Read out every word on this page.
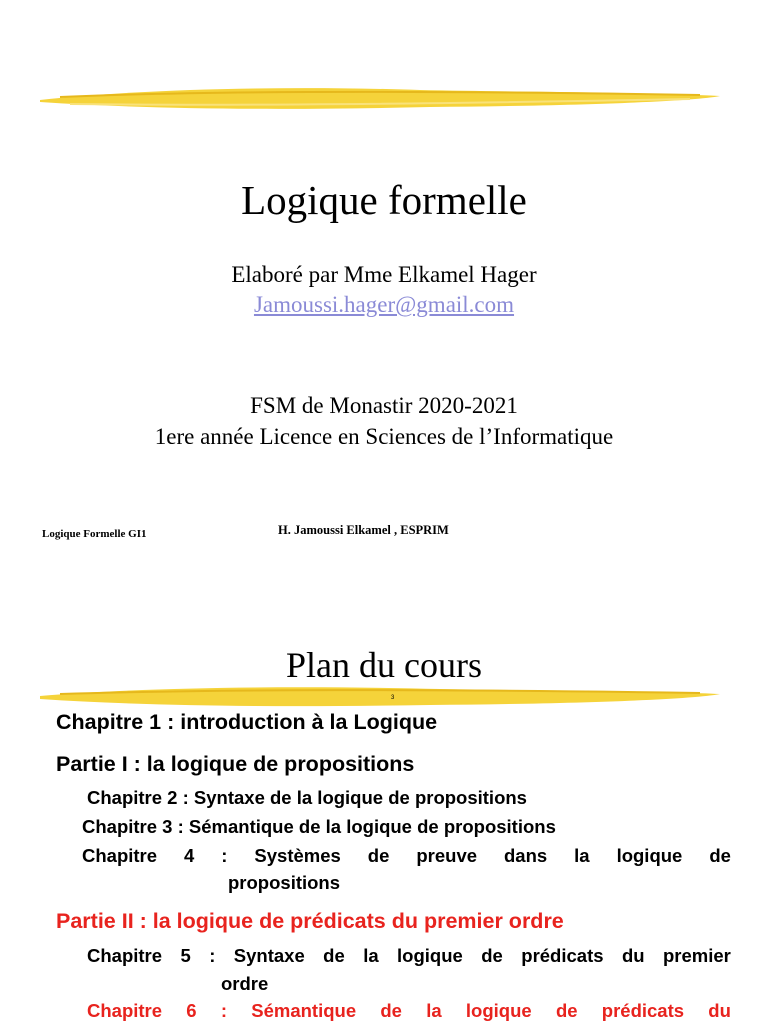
Logique formelle
Elaboré par Mme Elkamel Hager
Jamoussi.hager@gmail.com
FSM de Monastir 2020-2021
1ere année Licence en Sciences de l’Informatique
Logique Formelle GI1	H. Jamoussi Elkamel , ESPRIM
Plan du cours
3
Chapitre 1 : introduction à la Logique
Partie I : la logique de propositions
Chapitre 2 : Syntaxe de la logique de propositions
Chapitre 3 : Sémantique de la logique de propositions
Chapitre 4 : Systèmes de preuve dans la logique de
propositions
Partie II : la logique de prédicats du premier ordre
Chapitre 5 : Syntaxe de la logique de prédicats du premier
ordre
Chapitre 6 : Sémantique de la logique de prédicats du
